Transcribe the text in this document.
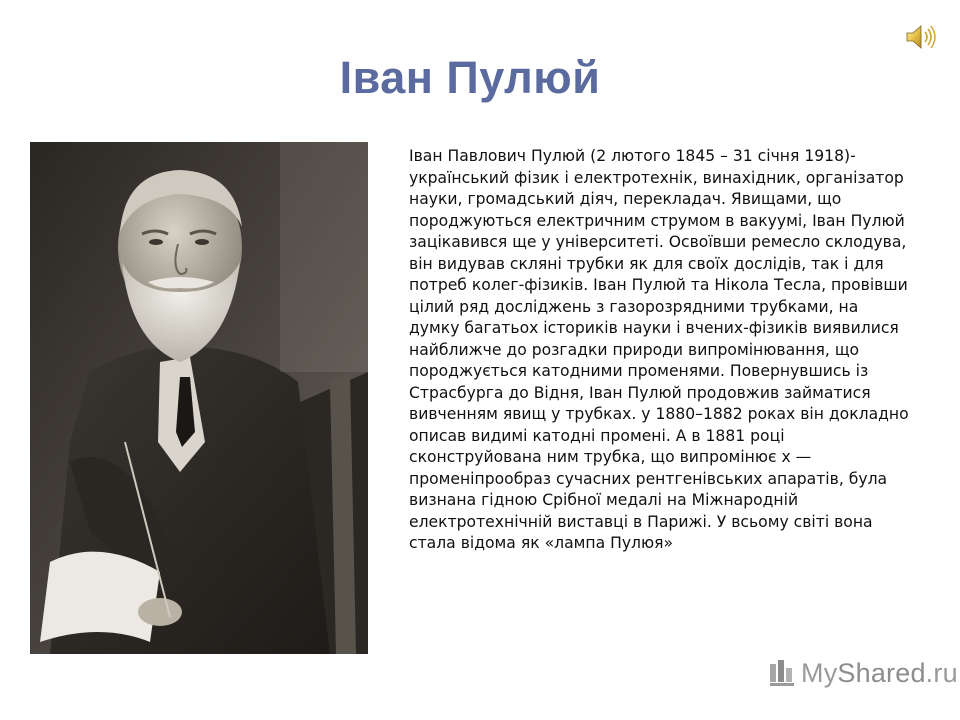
Іван Пулюй
Іван Павлович Пулюй (2 лютого 1845 – 31 січня 1918)-український фізик і електротехнік, винахідник, організатор науки, громадський діяч, перекладач. Явищами, що породжуються електричним струмом в вакуумі, Іван Пулюй зацікавився ще у університеті. Освоївши ремесло склодува, він видував скляні трубки як для своїх дослідів, так і для потреб колег-фізиків. Іван Пулюй та Нікола Тесла, провівши цілий ряд досліджень з газорозрядними трубками, на думку багатьох істориків науки і вчених-фізиків виявилися найближче до розгадки природи випромінювання, що породжується катодними променями. Повернувшись із Страсбурга до Відня, Іван Пулюй продовжив займатися вивченням явищ у трубках. у 1880–1882 роках він докладно описав видимі катодні промені. А в 1881 році сконструйована ним трубка, що випромінює х — променіпрообраз сучасних рентгенівських апаратів, була визнана гідною Срібної медалі на Міжнародній електротехнічній виставці в Парижі. У всьому світі вона стала відома як «лампа Пулюя»
MyShared.ru
